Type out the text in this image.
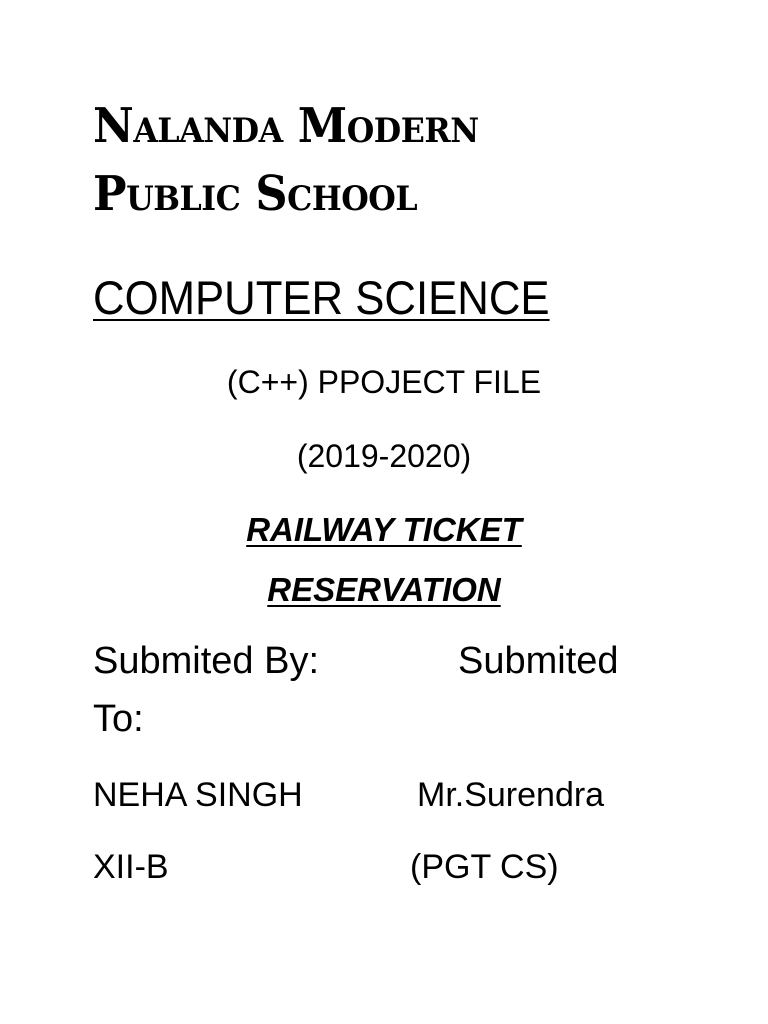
Nalanda Modern
Public School
COMPUTER SCIENCE

(C++) PPOJECT FILE

(2019-2020)

RAILWAY TICKET

RESERVATION

Submited By:	Submited

To:

NEHA SINGH	Mr.Surendra

XII-B	(PGT CS)
